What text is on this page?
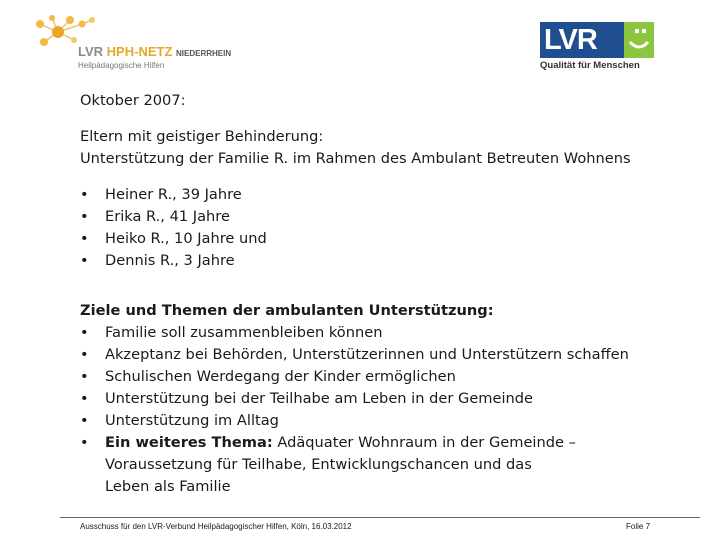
LVR HPH-NETZ NIEDERRHEIN
Heilpädagogische Hilfen
LVR
Qualität für Menschen
Oktober 2007:
Eltern mit geistiger Behinderung:
Unterstützung der Familie R. im Rahmen des Ambulant Betreuten Wohnens
• Heiner R., 39 Jahre
• Erika R., 41 Jahre
• Heiko R., 10 Jahre und
• Dennis R., 3 Jahre
Ziele und Themen der ambulanten Unterstützung:
• Familie soll zusammenbleiben können
• Akzeptanz bei Behörden, Unterstützerinnen und Unterstützern schaffen
• Schulischen Werdegang der Kinder ermöglichen
• Unterstützung bei der Teilhabe am Leben in der Gemeinde
• Unterstützung im Alltag
• Ein weiteres Thema: Adäquater Wohnraum in der Gemeinde –
Voraussetzung für Teilhabe, Entwicklungschancen und das
Leben als Familie
Ausschuss für den LVR-Verbund Heilpädagogischer Hilfen, Köln, 16.03.2012	Folie 7
